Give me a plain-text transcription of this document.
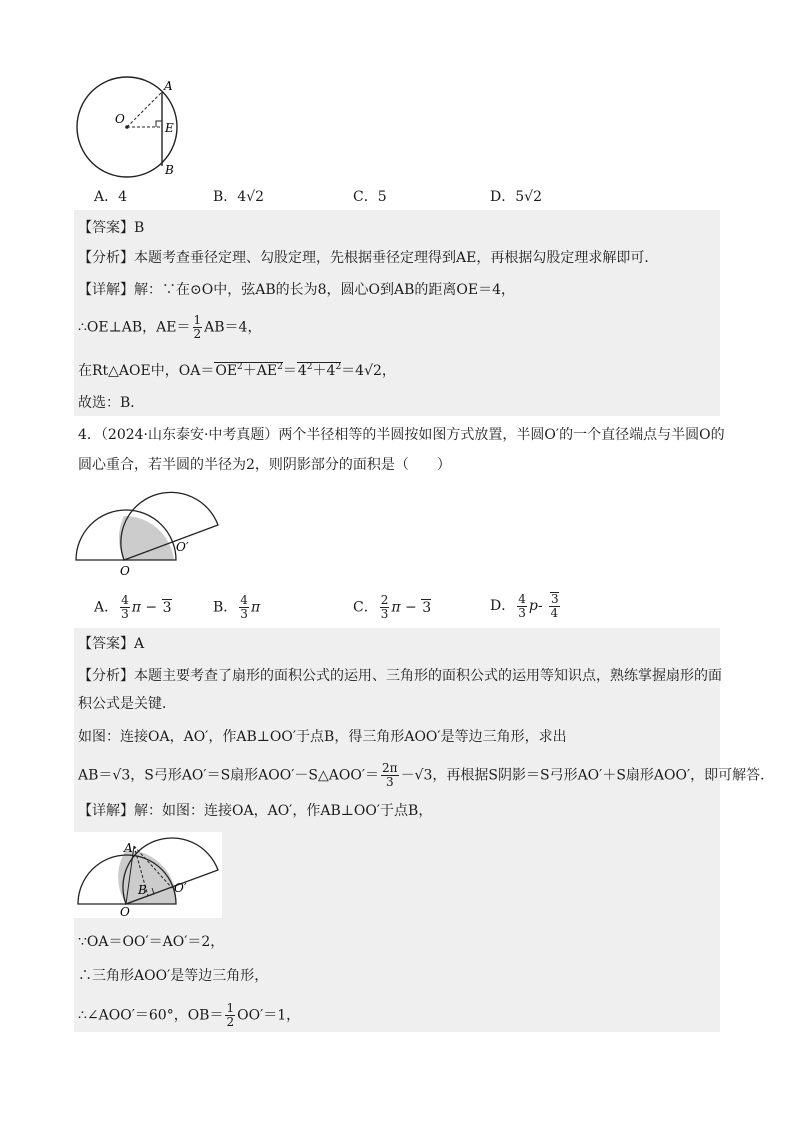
A
O
E
B
A．4	B．4√2	C．5	D．5√2
【答案】B
【分析】本题考查垂径定理、勾股定理，先根据垂径定理得到AE，再根据勾股定理求解即可．
【详解】解：∵在⊙O中，弦AB的长为8，圆心O到AB的距离OE＝4，
∴OE⊥AB，$AE= \frac{1}{2} AB=4$，
在Rt△AOE中，$OA=OE^2+AE^2=4^2+4^2=4√2$，
故选：B．
4．（2024·山东泰安·中考真题）两个半径相等的半圆按如图方式放置，半圆O′的一个直径端点与半圆O的
圆心重合，若半圆的半径为2，则阴影部分的面积是（　　）
O
O′
A． $\frac{4}{3}$ π − 3	B． $\frac{4}{3}$ π	C． $\frac{2}{3}$ π − 3	D． $\frac{4}{3} p- \frac{3}{4}$
【答案】A
【分析】本题主要考查了扇形的面积公式的运用、三角形的面积公式的运用等知识点，熟练掌握扇形的面
积公式是关键．
如图：连接OA，AO′，作AB⊥OO′于点B，得三角形AOO′是等边三角形，求出
AB＝√3，S弓形AO′＝S扇形AOO′－S△AOO′＝ $\frac{2\pi}{3} -√3$，再根据S阴影＝S弓形AO′＋S扇形AOO′，即可解答．
【详解】解：如图：连接OA，AO′，作AB⊥OO′于点B，
A
B O′
O
∵OA＝OO′＝AO′＝2，
∴三角形AOO′是等边三角形，
∴∠AOO′＝60°，$OB= \frac{1}{2} OO'=1$，
